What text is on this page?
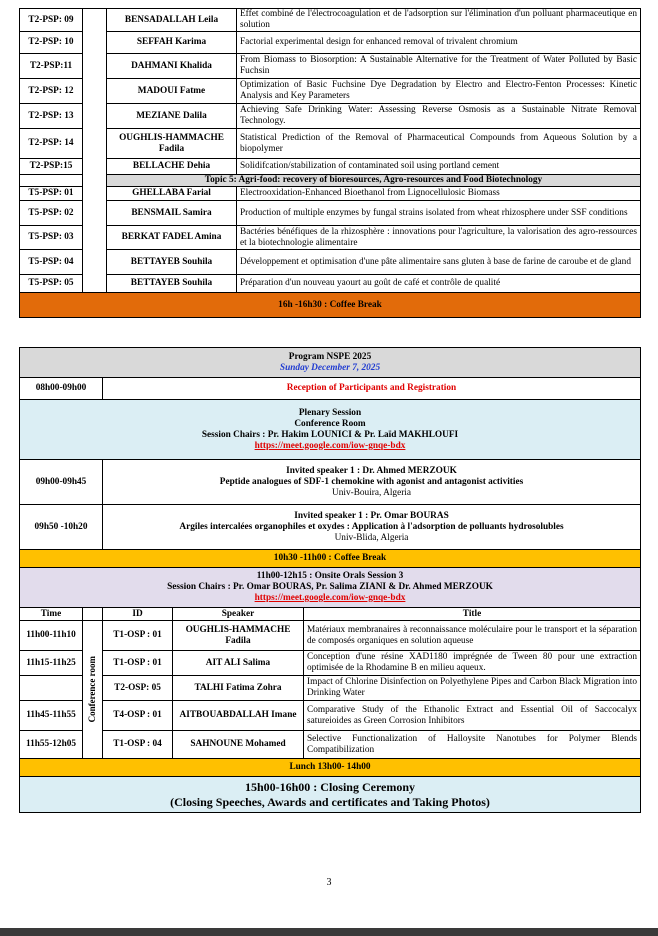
T2-PSP: 09		BENSADALLAH Leila	Effet combiné de l'électrocoagulation et de l'adsorption sur l'élimination d'un polluant pharmaceutique en solution
T2-PSP: 10		SEFFAH Karima	Factorial experimental design for enhanced removal of trivalent chromium
T2-PSP:11		DAHMANI Khalida	From Biomass to Biosorption: A Sustainable Alternative for the Treatment of Water Polluted by Basic Fuchsin
T2-PSP: 12		MADOUI Fatme	Optimization of Basic Fuchsine Dye Degradation by Electro and Electro-Fenton Processes: Kinetic Analysis and Key Parameters
T2-PSP: 13		MEZIANE Dalila	Achieving Safe Drinking Water: Assessing Reverse Osmosis as a Sustainable Nitrate Removal Technology.
T2-PSP: 14		OUGHLIS-HAMMACHE Fadila	Statistical Prediction of the Removal of Pharmaceutical Compounds from Aqueous Solution by a biopolymer
T2-PSP:15		BELLACHE Dehia	Solidifcation/stabilization of contaminated soil using portland cement
		Topic 5: Agri-food: recovery of bioresources, Agro-resources and Food Biotechnology	
T5-PSP: 01		GHELLABA Farial	Electrooxidation-Enhanced Bioethanol from Lignocellulosic Biomass
T5-PSP: 02		BENSMAIL Samira	Production of multiple enzymes by fungal strains isolated from wheat rhizosphere under SSF conditions
T5-PSP: 03		BERKAT FADEL Amina	Bactéries bénéfiques de la rhizosphère : innovations pour l'agriculture, la valorisation des agro-ressources et la biotechnologie alimentaire
T5-PSP: 04		BETTAYEB Souhila	Développement et optimisation d'une pâte alimentaire sans gluten à base de farine de caroube et de gland
T5-PSP: 05		BETTAYEB Souhila	Préparation d'un nouveau yaourt au goût de café et contrôle de qualité
16h -16h30 : Coffee Break			
Program NSPE 2025
Sunday December 7, 2025				

08h00-09h00		Reception of Participants and Registration		

Plenary Session
Conference Room
Session Chairs : Pr. Hakim LOUNICI & Pr. Laïd MAKHLOUFI
https://meet.google.com/iow-gnqe-bdx				

09h00-09h45		Invited speaker 1 : Dr. Ahmed MERZOUK
Peptide analogues of SDF-1 chemokine with agonist and antagonist activities
Univ-Bouira, Algeria		

09h50 -10h20		Invited speaker 1 : Pr. Omar BOURAS
Argiles intercalées organophiles et oxydes : Application à l'adsorption de polluants hydrosolubles
Univ-Blida, Algeria		

10h30 -11h00 : Coffee Break				

11h00-12h15 : Onsite Orals Session 3
Session Chairs : Pr. Omar BOURAS, Pr. Salima ZIANI & Dr. Ahmed MERZOUK
https://meet.google.com/iow-gnqe-bdx				

Time		ID	Speaker	Title
11h00-11h10	Conference room	T1-OSP : 01	OUGHLIS-HAMMACHE Fadila	Matériaux membranaires à reconnaissance moléculaire pour le transport et la séparation de composés organiques en solution aqueuse
11h15-11h25		T1-OSP : 01	AIT ALI Salima	Conception d'une résine XAD1180 imprégnée de Tween 80 pour une extraction optimisée de la Rhodamine B en milieu aqueux.
		T2-OSP: 05	TALHI Fatima Zohra	Impact of Chlorine Disinfection on Polyethylene Pipes and Carbon Black Migration into Drinking Water
11h45-11h55		T4-OSP : 01	AITBOUABDALLAH Imane	Comparative Study of the Ethanolic Extract and Essential Oil of Saccocalyx satureioides as Green Corrosion Inhibitors
11h55-12h05		T1-OSP : 04	SAHNOUNE Mohamed	Selective Functionalization of Halloysite Nanotubes for Polymer Blends Compatibilization
Lunch 13h00- 14h00				

15h00-16h00 : Closing Ceremony
(Closing Speeches, Awards and certificates and Taking Photos)				
3
